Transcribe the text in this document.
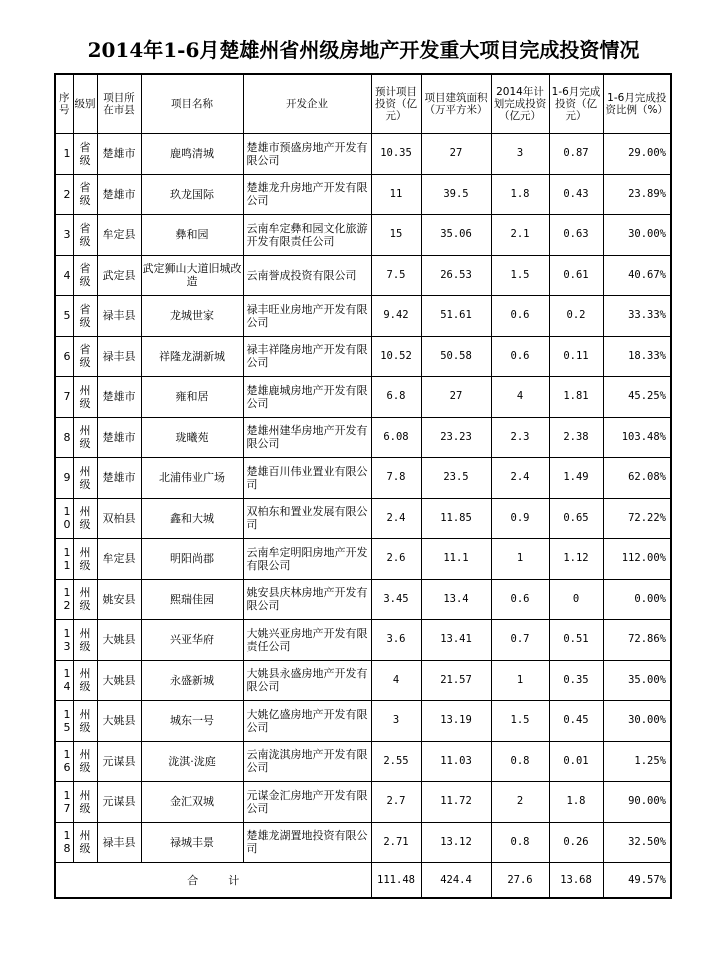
2014年1-6月楚雄州省州级房地产开发重大项目完成投资情况
序号	级别	项目所在市县	项目名称	开发企业	预计项目投资（亿元）	项目建筑面积（万平方米）	2014年计划完成投资（亿元）	1-6月完成投资（亿元）	1-6月完成投资比例（%）
1	省级	楚雄市	鹿鸣清城	楚雄市预盛房地产开发有限公司	10.35	27	3	0.87	29.00%
2	省级	楚雄市	玖龙国际	楚雄龙升房地产开发有限公司	11	39.5	1.8	0.43	23.89%
3	省级	牟定县	彝和园	云南牟定彝和园文化旅游开发有限责任公司	15	35.06	2.1	0.63	30.00%
4	省级	武定县	武定狮山大道旧城改造	云南誉成投资有限公司	7.5	26.53	1.5	0.61	40.67%
5	省级	禄丰县	龙城世家	禄丰旺业房地产开发有限公司	9.42	51.61	0.6	0.2	33.33%
6	省级	禄丰县	祥隆龙湖新城	禄丰祥隆房地产开发有限公司	10.52	50.58	0.6	0.11	18.33%
7	州级	楚雄市	雍和居	楚雄鹿城房地产开发有限公司	6.8	27	4	1.81	45.25%
8	州级	楚雄市	珑曦苑	楚雄州建华房地产开发有限公司	6.08	23.23	2.3	2.38	103.48%
9	州级	楚雄市	北浦伟业广场	楚雄百川伟业置业有限公司	7.8	23.5	2.4	1.49	62.08%
10	州级	双柏县	鑫和大城	双柏东和置业发展有限公司	2.4	11.85	0.9	0.65	72.22%
11	州级	牟定县	明阳尚郡	云南牟定明阳房地产开发有限公司	2.6	11.1	1	1.12	112.00%
12	州级	姚安县	熙瑞佳园	姚安县庆林房地产开发有限公司	3.45	13.4	0.6	0	0.00%
13	州级	大姚县	兴亚华府	大姚兴亚房地产开发有限责任公司	3.6	13.41	0.7	0.51	72.86%
14	州级	大姚县	永盛新城	大姚县永盛房地产开发有限公司	4	21.57	1	0.35	35.00%
15	州级	大姚县	城东一号	大姚亿盛房地产开发有限公司	3	13.19	1.5	0.45	30.00%
16	州级	元谋县	泷淇·泷庭	云南泷淇房地产开发有限公司	2.55	11.03	0.8	0.01	1.25%
17	州级	元谋县	金汇双城	元谋金汇房地产开发有限公司	2.7	11.72	2	1.8	90.00%
18	州级	禄丰县	禄城丰景	楚雄龙湖置地投资有限公司	2.71	13.12	0.8	0.26	32.50%
合计					111.48	424.4	27.6	13.68	49.57%
